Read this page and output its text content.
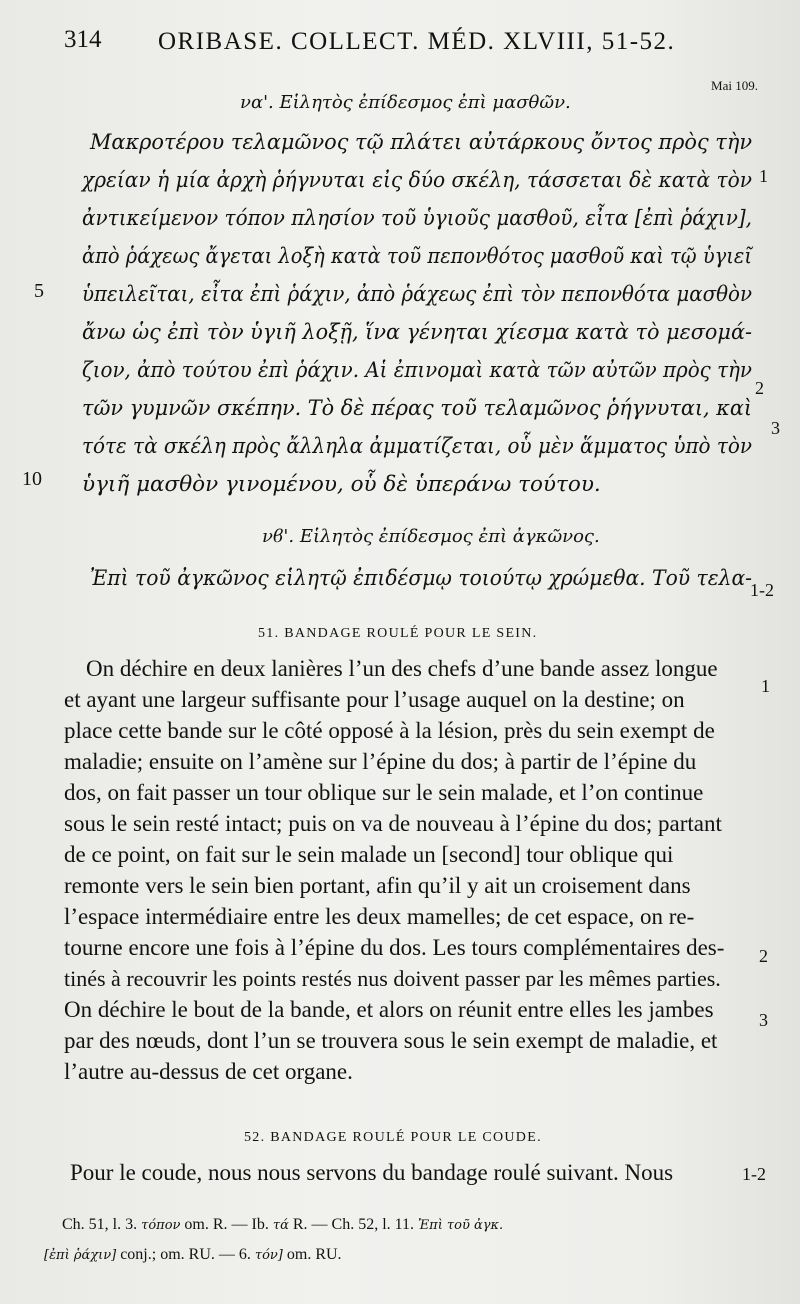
314 ORIBASE. COLLECT. MÉD. XLVIII, 51-52.
Mai 109.
να'. Εἱλητὸς ἐπίδεσμος ἐπὶ μασθῶν.
Μακροτέρου τελαμῶνος τῷ πλάτει αὐτάρκους ὄντος πρὸς τὴν
χρείαν ἡ μία ἀρχὴ ῥήγνυται εἰς δύο σκέλη, τάσσεται δὲ κατὰ τὸν
ἀντικείμενον τόπον πλησίον τοῦ ὑγιοῦς μασθοῦ, εἶτα [ἐπὶ ῥάχιν],
ἀπὸ ῥάχεως ἄγεται λοξὴ κατὰ τοῦ πεπονθότος μασθοῦ καὶ τῷ ὑγιεῖ
ὑπειλεῖται, εἶτα ἐπὶ ῥάχιν, ἀπὸ ῥάχεως ἐπὶ τὸν πεπονθότα μασθὸν
ἄνω ὡς ἐπὶ τὸν ὑγιῆ λοξῇ, ἵνα γένηται χίεσμα κατὰ τὸ μεσομά-
ζιον, ἀπὸ τούτου ἐπὶ ῥάχιν. Αἱ ἐπινομαὶ κατὰ τῶν αὐτῶν πρὸς τὴν
τῶν γυμνῶν σκέπην. Τὸ δὲ πέρας τοῦ τελαμῶνος ῥήγνυται, καὶ
τότε τὰ σκέλη πρὸς ἄλληλα ἀμματίζεται, οὗ μὲν ἅμματος ὑπὸ τὸν
ὑγιῆ μασθὸν γινομένου, οὗ δὲ ὑπεράνω τούτου.
5
10
1
2
3
νϐ'. Εἱλητὸς ἐπίδεσμος ἐπὶ ἀγκῶνος.
Ἐπὶ τοῦ ἀγκῶνος εἱλητῷ ἐπιδέσμῳ τοιούτῳ χρώμεθα. Τοῦ τελα-
1-2
51. BANDAGE ROULÉ POUR LE SEIN.
On déchire en deux lanières l’un des chefs d’une bande assez longue
et ayant une largeur suffisante pour l’usage auquel on la destine; on
place cette bande sur le côté opposé à la lésion, près du sein exempt de
maladie; ensuite on l’amène sur l’épine du dos; à partir de l’épine du
dos, on fait passer un tour oblique sur le sein malade, et l’on continue
sous le sein resté intact; puis on va de nouveau à l’épine du dos; partant
de ce point, on fait sur le sein malade un [second] tour oblique qui
remonte vers le sein bien portant, afin qu’il y ait un croisement dans
l’espace intermédiaire entre les deux mamelles; de cet espace, on re-
tourne encore une fois à l’épine du dos. Les tours complémentaires des-
tinés à recouvrir les points restés nus doivent passer par les mêmes parties.
On déchire le bout de la bande, et alors on réunit entre elles les jambes
par des nœuds, dont l’un se trouvera sous le sein exempt de maladie, et
l’autre au-dessus de cet organe.
1
2
3
52. BANDAGE ROULÉ POUR LE COUDE.
Pour le coude, nous nous servons du bandage roulé suivant. Nous	1-2
Ch. 51, l. 3. τόπον om. R. — Ib. τά R. — Ch. 52, l. 11. Ἐπὶ τοῦ ἀγκ.
[ἐπὶ ῥάχιν] conj.; om. RU. — 6. τόν] om. RU.
